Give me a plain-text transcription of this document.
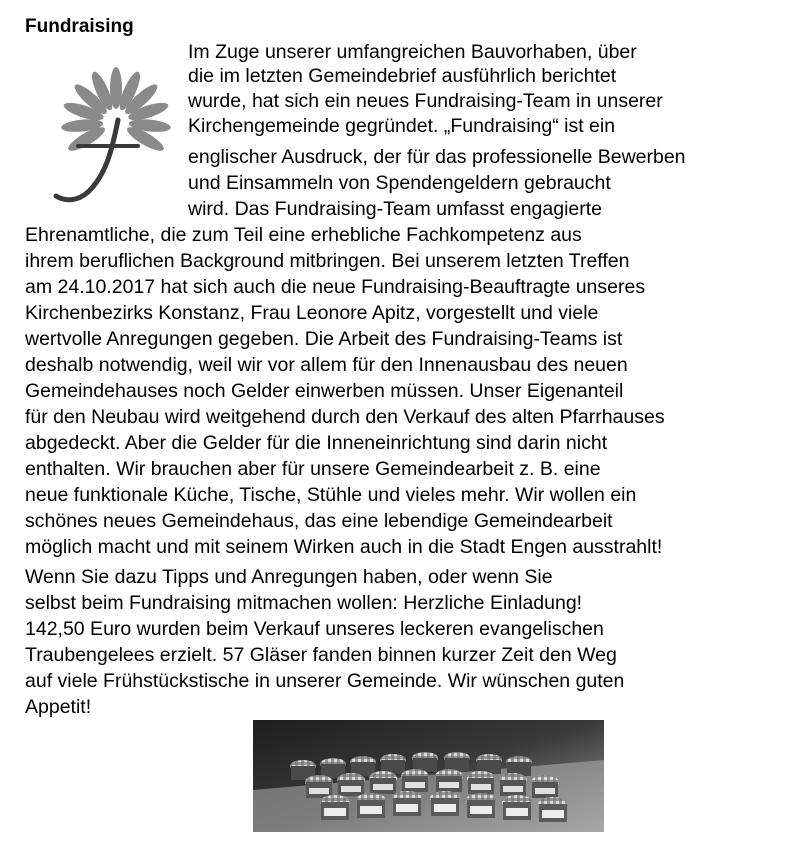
Fundraising
Im Zuge unserer umfangreichen Bauvorhaben, über
die im letzten Gemeindebrief ausführlich berichtet
wurde, hat sich ein neues Fundraising-Team in unserer
Kirchengemeinde gegründet. „Fundraising“ ist ein
englischer Ausdruck, der für das professionelle Bewerben
und Einsammeln von Spendengeldern gebraucht
wird. Das Fundraising-Team umfasst engagierte
Ehrenamtliche, die zum Teil eine erhebliche Fachkompetenz aus
ihrem beruflichen Background mitbringen. Bei unserem letzten Treffen
am 24.10.2017 hat sich auch die neue Fundraising-Beauftragte unseres
Kirchenbezirks Konstanz, Frau Leonore Apitz, vorgestellt und viele
wertvolle Anregungen gegeben. Die Arbeit des Fundraising-Teams ist
deshalb notwendig, weil wir vor allem für den Innenausbau des neuen
Gemeindehauses noch Gelder einwerben müssen. Unser Eigenanteil
für den Neubau wird weitgehend durch den Verkauf des alten Pfarrhauses
abgedeckt. Aber die Gelder für die Inneneinrichtung sind darin nicht
enthalten. Wir brauchen aber für unsere Gemeindearbeit z. B. eine
neue funktionale Küche, Tische, Stühle und vieles mehr. Wir wollen ein
schönes neues Gemeindehaus, das eine lebendige Gemeindearbeit
möglich macht und mit seinem Wirken auch in die Stadt Engen ausstrahlt!
Wenn Sie dazu Tipps und Anregungen haben, oder wenn Sie
selbst beim Fundraising mitmachen wollen: Herzliche Einladung!
142,50 Euro wurden beim Verkauf unseres leckeren evangelischen
Traubengelees erzielt. 57 Gläser fanden binnen kurzer Zeit den Weg
auf viele Frühstückstische in unserer Gemeinde. Wir wünschen guten
Appetit!
